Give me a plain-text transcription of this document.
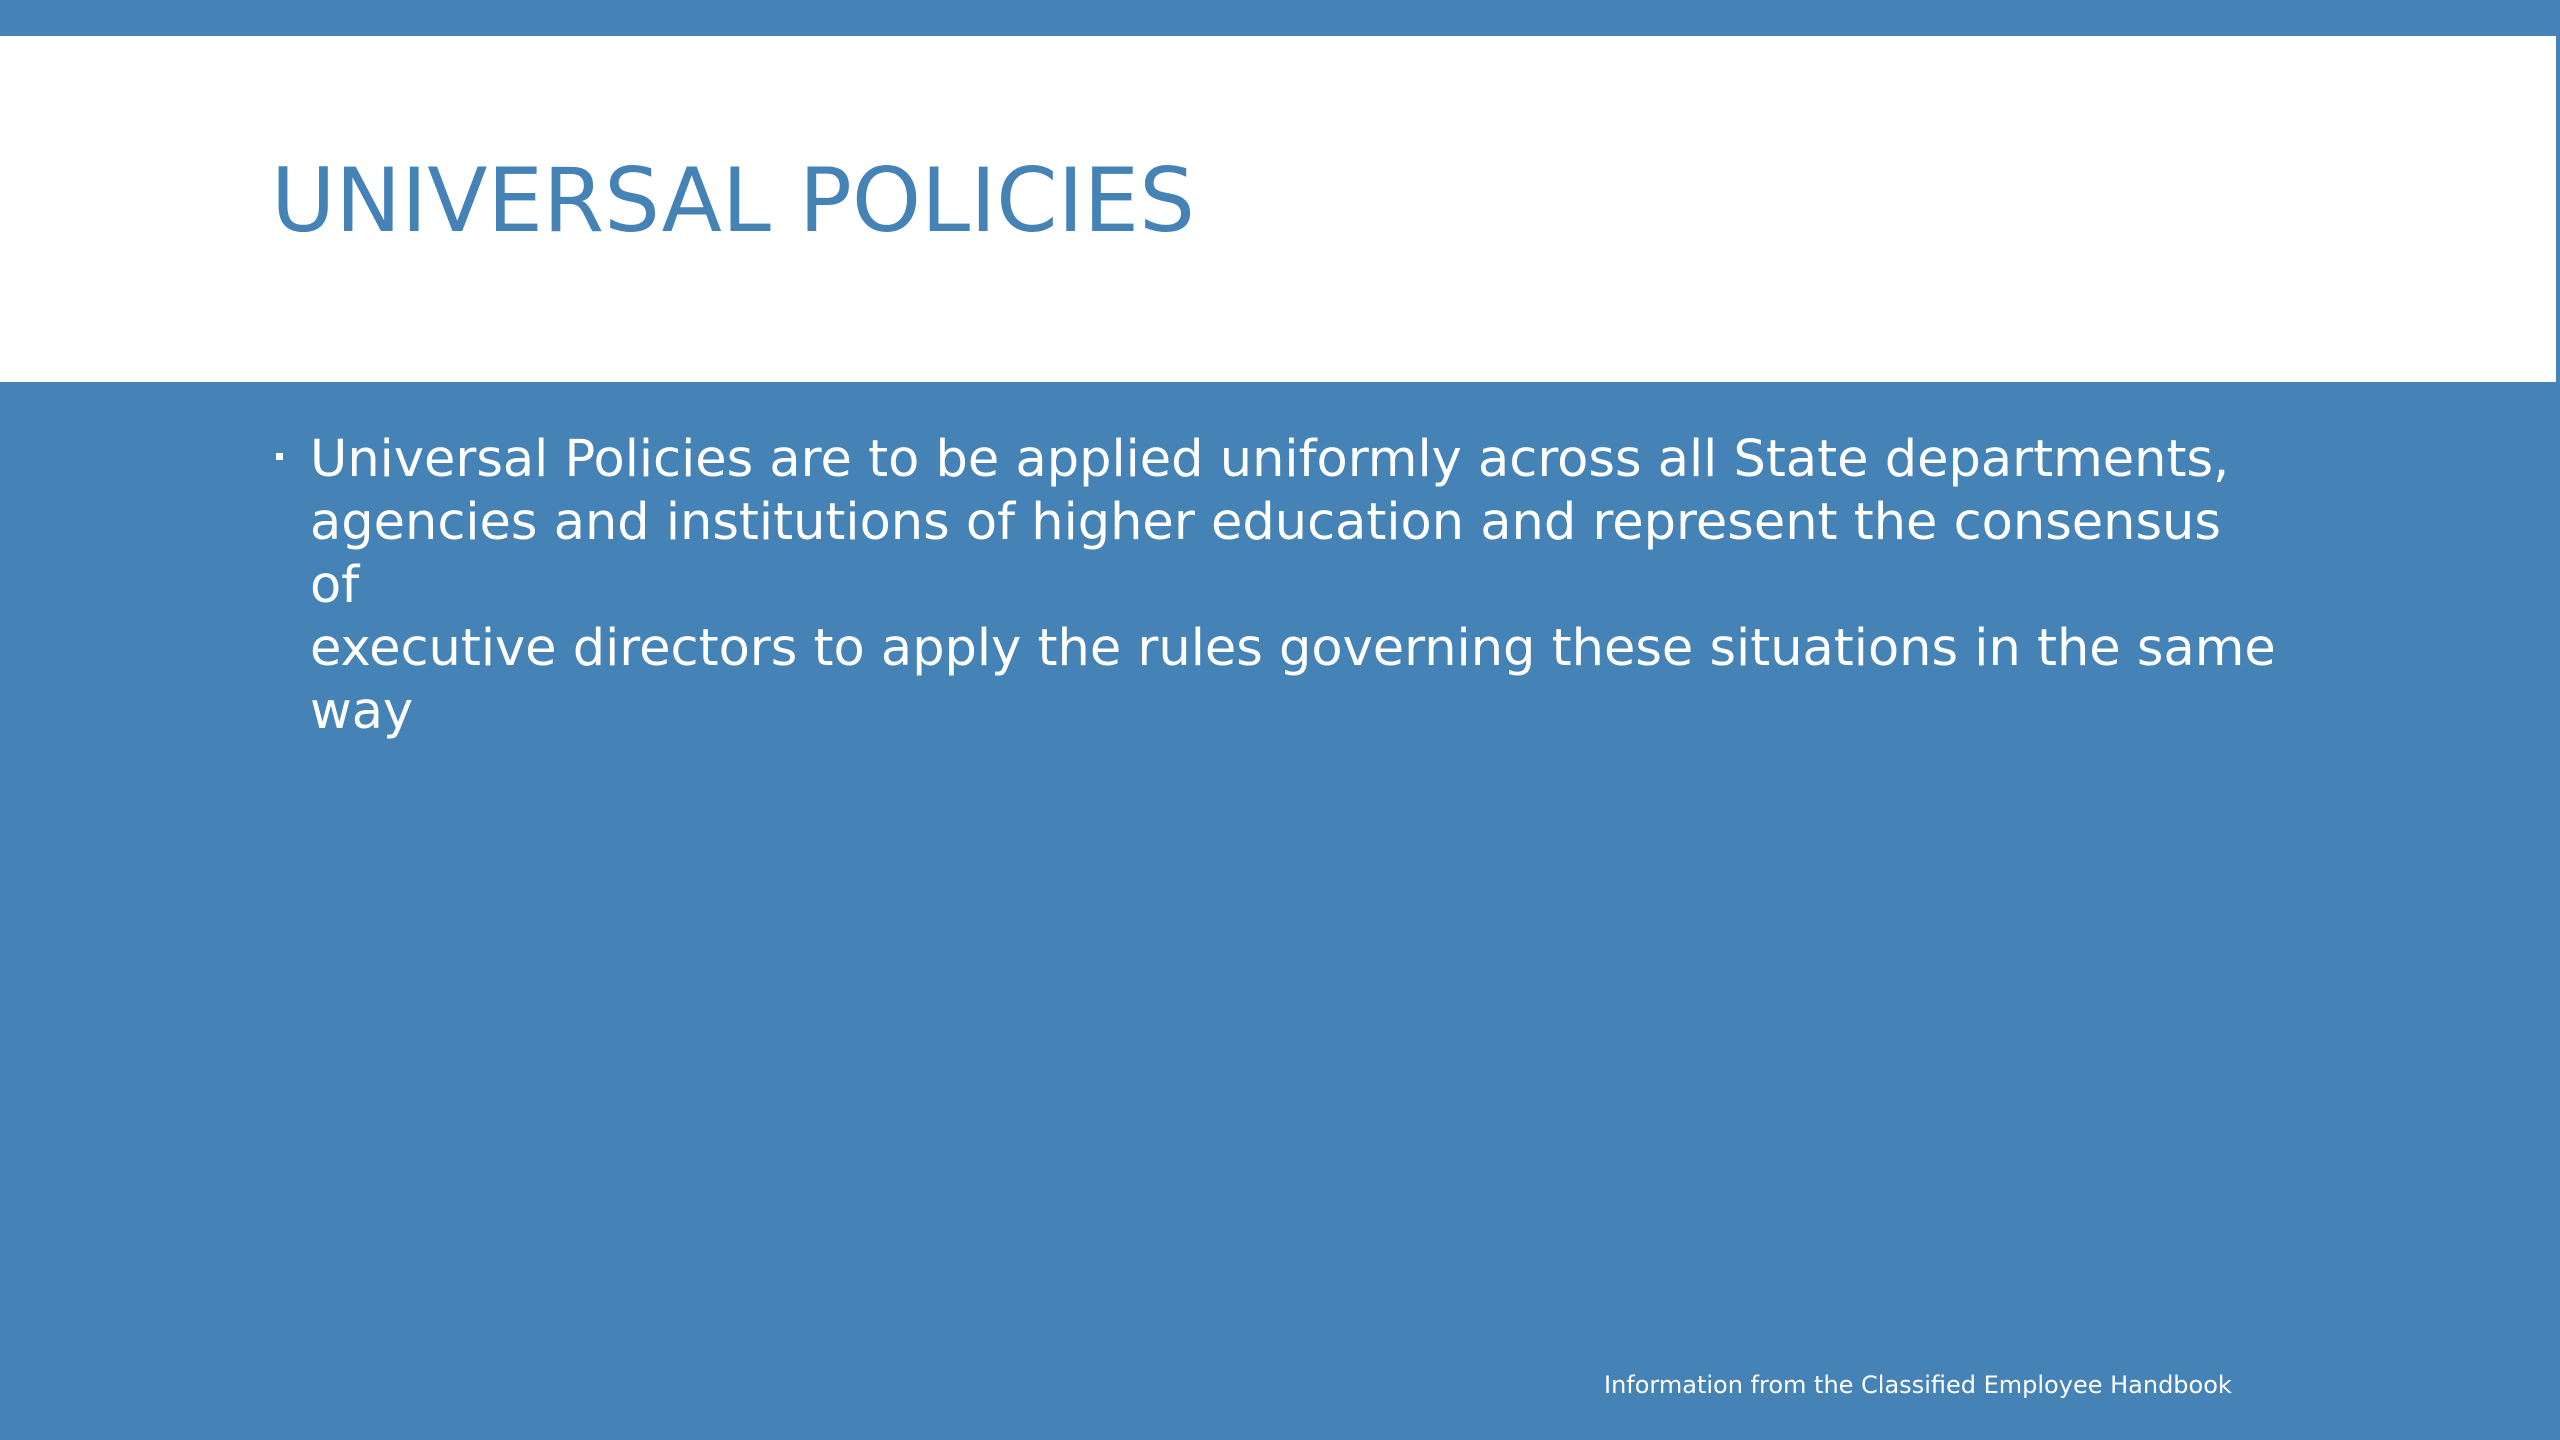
UNIVERSAL POLICIES
Universal Policies are to be applied uniformly across all State departments,
agencies and institutions of higher education and represent the consensus of
executive directors to apply the rules governing these situations in the same way
Information from the Classified Employee Handbook
